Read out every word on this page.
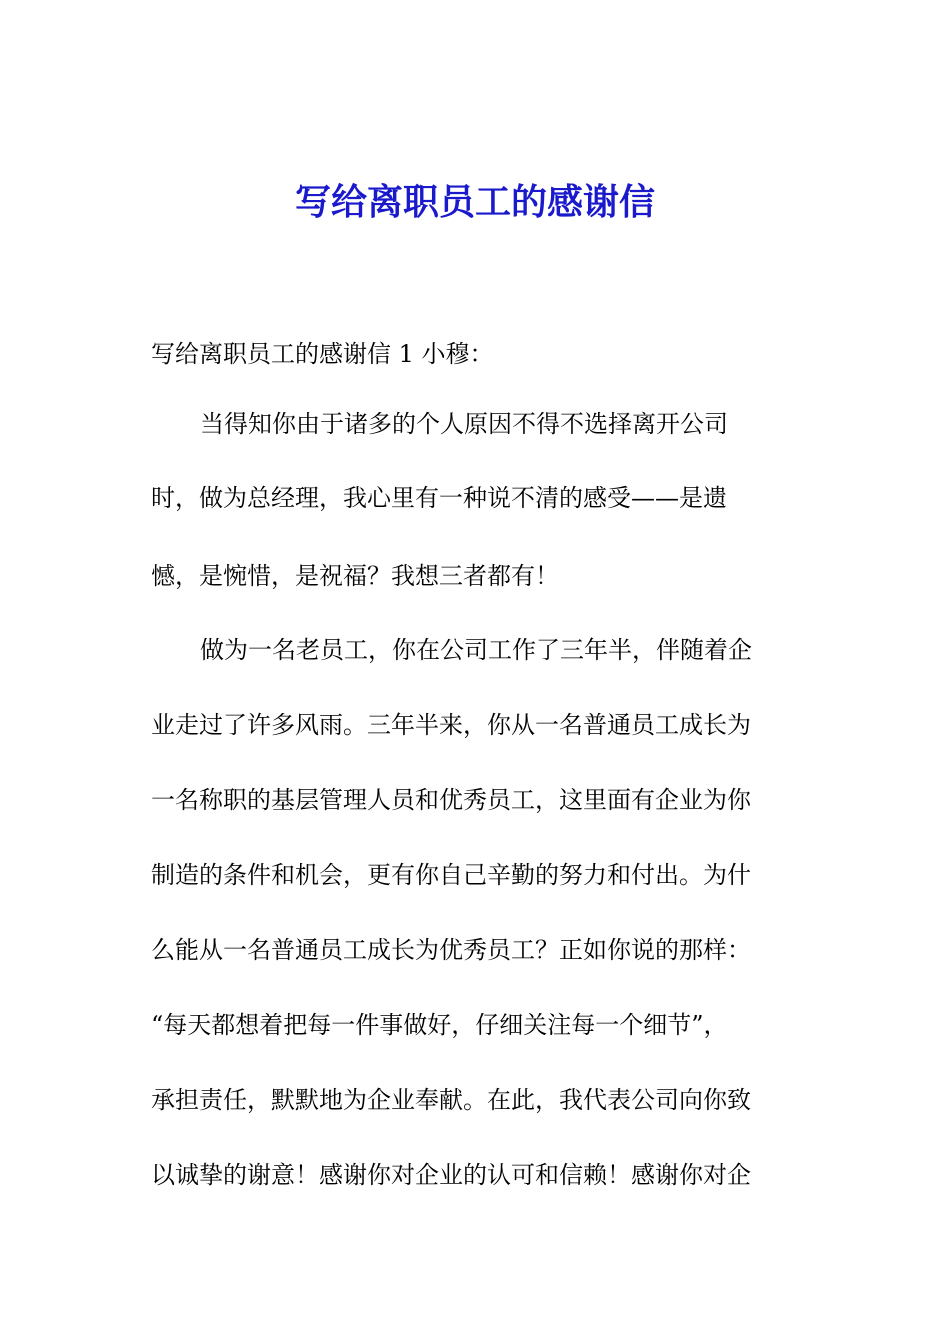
写给离职员工的感谢信
写给离职员工的感谢信 1 小穆：
当得知你由于诸多的个人原因不得不选择离开公司
时，做为总经理，我心里有一种说不清的感受——是遗
憾，是惋惜，是祝福？我想三者都有！
做为一名老员工，你在公司工作了三年半，伴随着企
业走过了许多风雨。三年半来，你从一名普通员工成长为
一名称职的基层管理人员和优秀员工，这里面有企业为你
制造的条件和机会，更有你自己辛勤的努力和付出。为什
么能从一名普通员工成长为优秀员工？正如你说的那样：
“每天都想着把每一件事做好，仔细关注每一个细节”，
承担责任，默默地为企业奉献。在此，我代表公司向你致
以诚挚的谢意！感谢你对企业的认可和信赖！感谢你对企
